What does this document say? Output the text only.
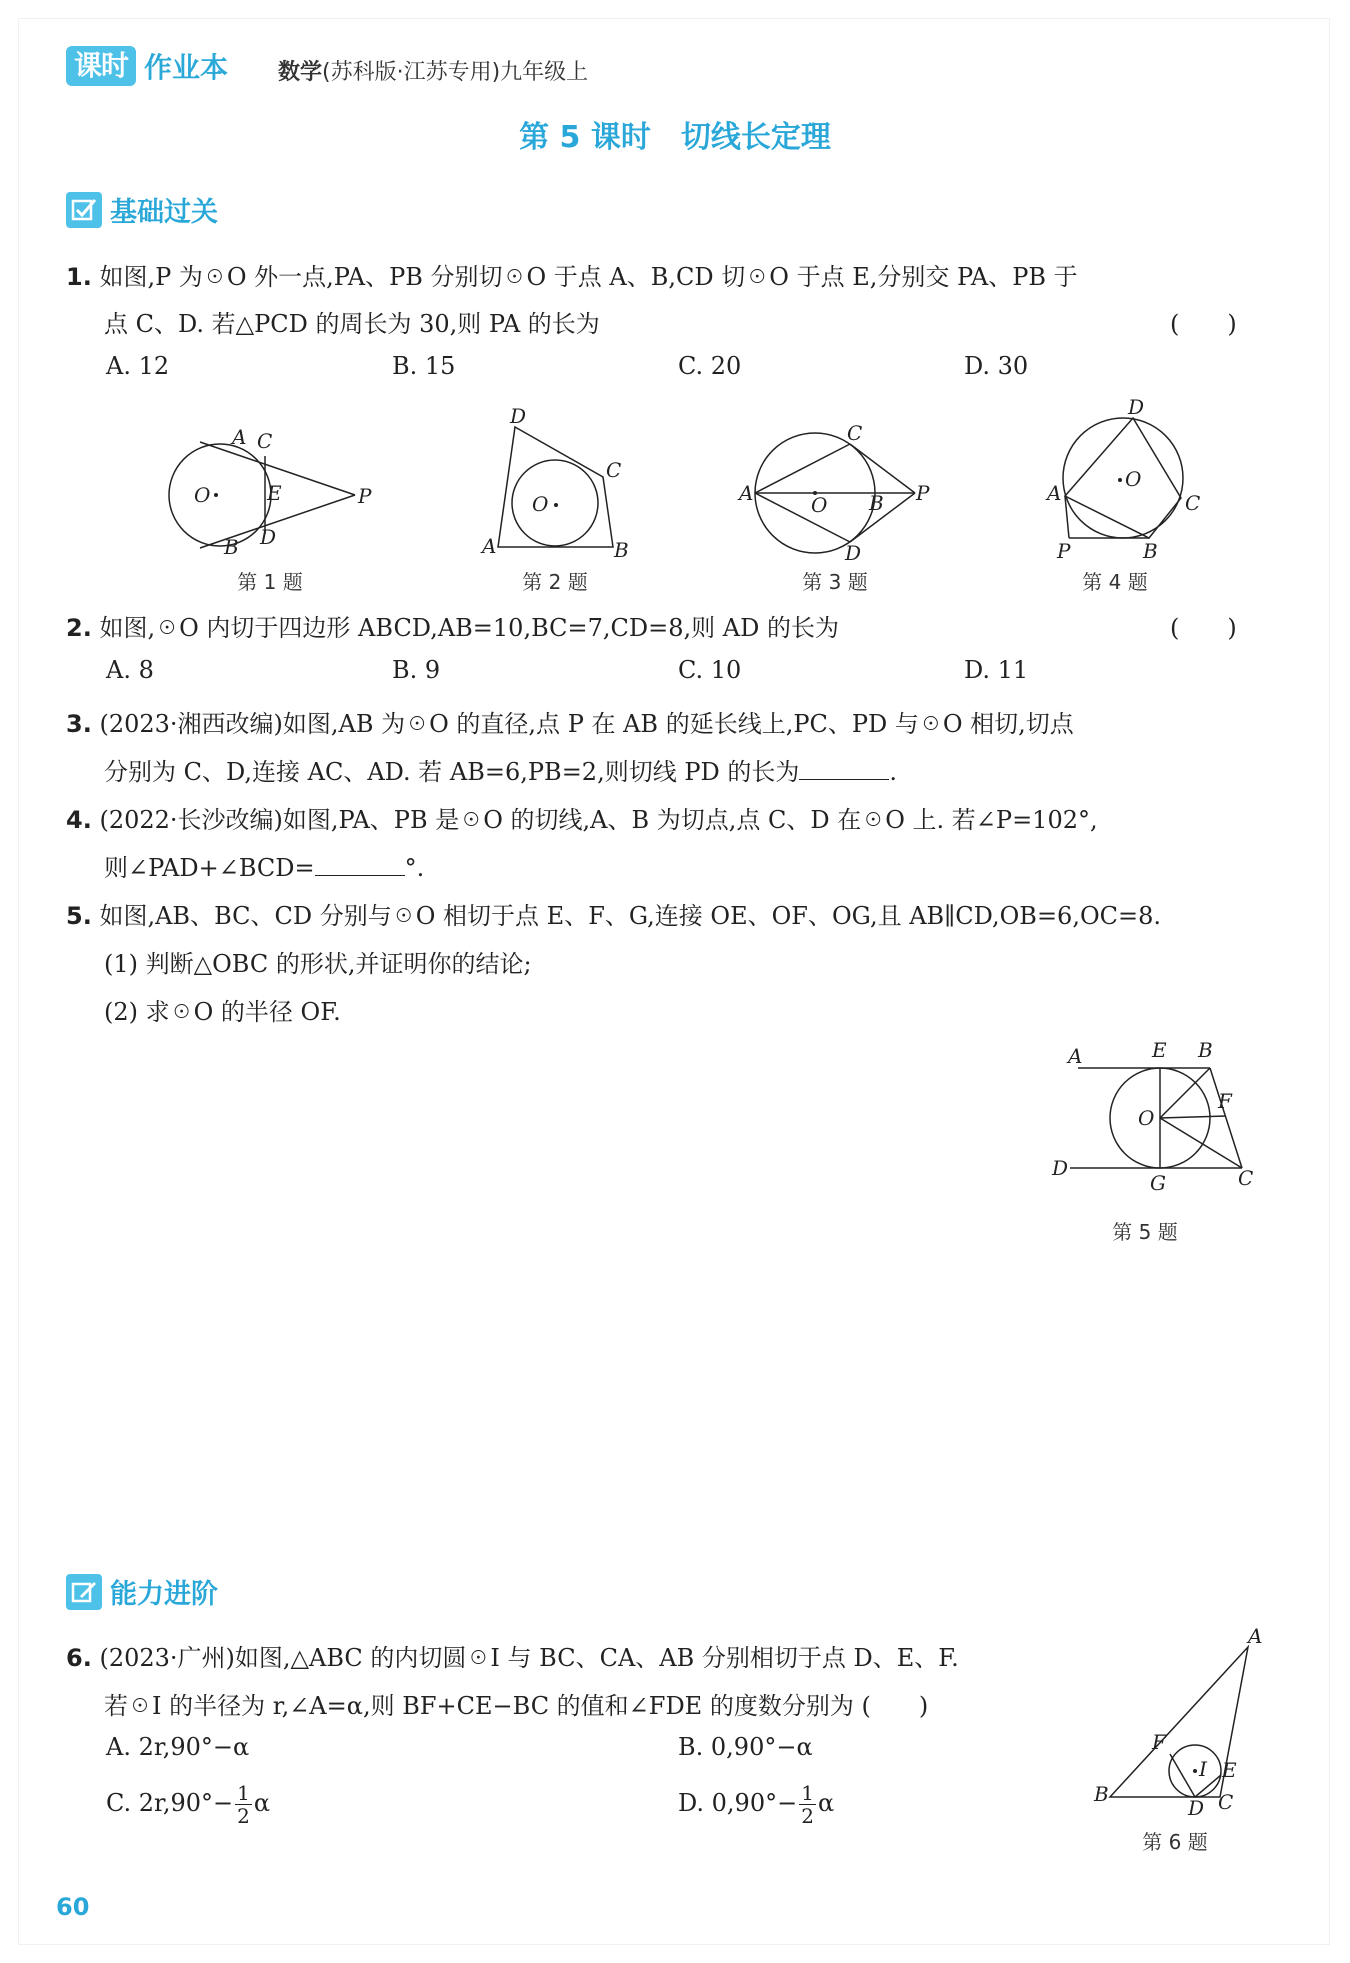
课时 作业本 数学(苏科版·江苏专用)九年级上
第 5 课时　切线长定理
基础过关
1. 如图,P 为☉O 外一点,PA、PB 分别切☉O 于点 A、B,CD 切☉O 于点 E,分别交 PA、PB 于
点 C、D. 若△PCD 的周长为 30,则 PA 的长为	(　　)
A. 12	B. 15	C. 20	D. 30
A C
E	P
O
B D
第 1 题
D
C
O
A	B
第 2 题
C
A	O B P
D
第 3 题
D
A
O
C
P	B
第 4 题
2. 如图,☉O 内切于四边形 ABCD,AB=10,BC=7,CD=8,则 AD 的长为	(　　)
A. 8	B. 9	C. 10	D. 11
3. (2023·湘西改编)如图,AB 为☉O 的直径,点 P 在 AB 的延长线上,PC、PD 与☉O 相切,切点
分别为 C、D,连接 AC、AD. 若 AB=6,PB=2,则切线 PD 的长为	.
4. (2022·长沙改编)如图,PA、PB 是☉O 的切线,A、B 为切点,点 C、D 在☉O 上. 若∠P=102°,
则∠PAD+∠BCD=	°.
5. 如图,AB、BC、CD 分别与☉O 相切于点 E、F、G,连接 OE、OF、OG,且 AB∥CD,OB=6,OC=8.
(1) 判断△OBC 的形状,并证明你的结论;
(2) 求☉O 的半径 OF.
A	E B
F
O
D
G	C
第 5 题
能力进阶
6. (2023·广州)如图,△ABC 的内切圆☉I 与 BC、CA、AB 分别相切于点 D、E、F.
若☉I 的半径为 r,∠A=α,则 BF+CE−BC 的值和∠FDE 的度数分别为 (　　)
A. 2r,90°−α	B. 0,90°−α
C. $2r,90^\circ- \frac{1}{2}$ α	D. $0,90^\circ- \frac{1}{2}$ α
A
F
I E
B
D C
第 6 题
60
